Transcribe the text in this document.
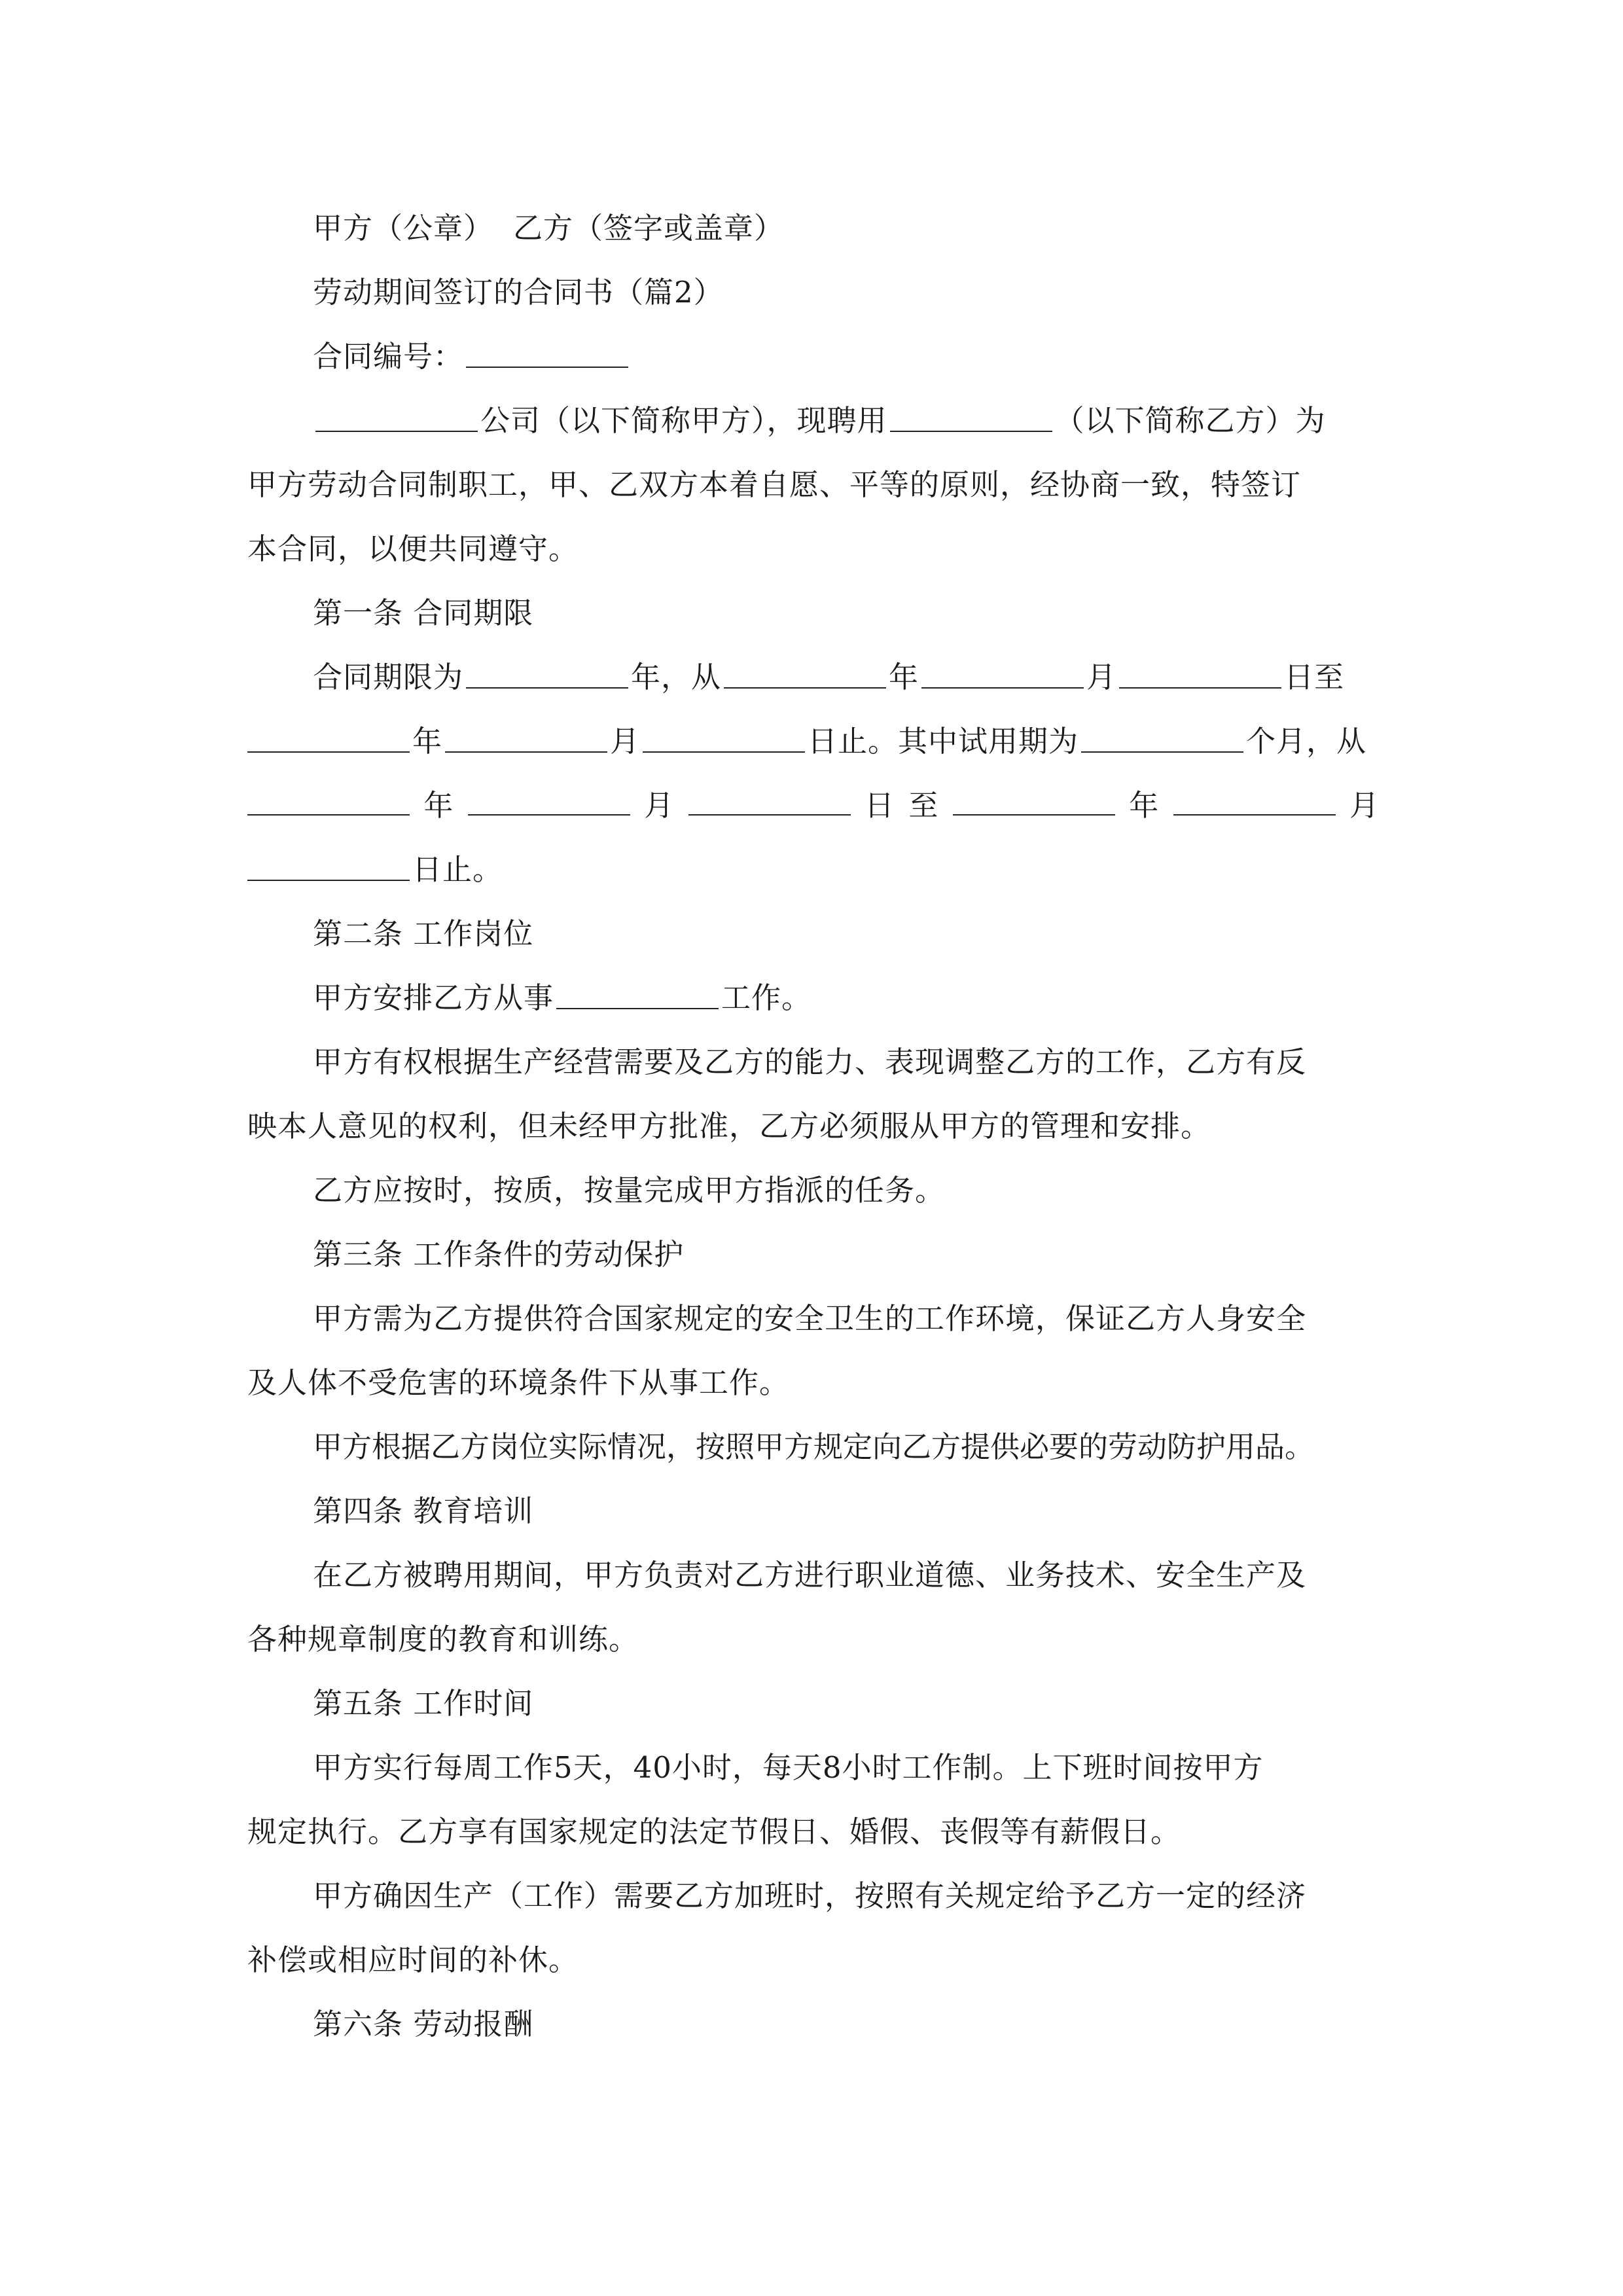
甲方（公章） 乙方（签字或盖章）
劳动期间签订的合同书（篇2）
合同编号：
公司（以下简称甲方），现聘用	（以下简称乙方）为
甲方劳动合同制职工，甲、乙双方本着自愿、平等的原则，经协商一致，特签订
本合同，以便共同遵守。
第一条 合同期限
合同期限为	年，从	年	月	日至
年	月	日止。其中试用期为	个月，从
年	月	日 至	年	月
日止。
第二条 工作岗位
甲方安排乙方从事	工作。
甲方有权根据生产经营需要及乙方的能力、表现调整乙方的工作，乙方有反
映本人意见的权利，但未经甲方批准，乙方必须服从甲方的管理和安排。
乙方应按时，按质，按量完成甲方指派的任务。
第三条 工作条件的劳动保护
甲方需为乙方提供符合国家规定的安全卫生的工作环境，保证乙方人身安全
及人体不受危害的环境条件下从事工作。
甲方根据乙方岗位实际情况，按照甲方规定向乙方提供必要的劳动防护用品。
第四条 教育培训
在乙方被聘用期间，甲方负责对乙方进行职业道德、业务技术、安全生产及
各种规章制度的教育和训练。
第五条 工作时间
甲方实行每周工作5天，40小时，每天8小时工作制。上下班时间按甲方
规定执行。乙方享有国家规定的法定节假日、婚假、丧假等有薪假日。
甲方确因生产（工作）需要乙方加班时，按照有关规定给予乙方一定的经济
补偿或相应时间的补休。
第六条 劳动报酬
